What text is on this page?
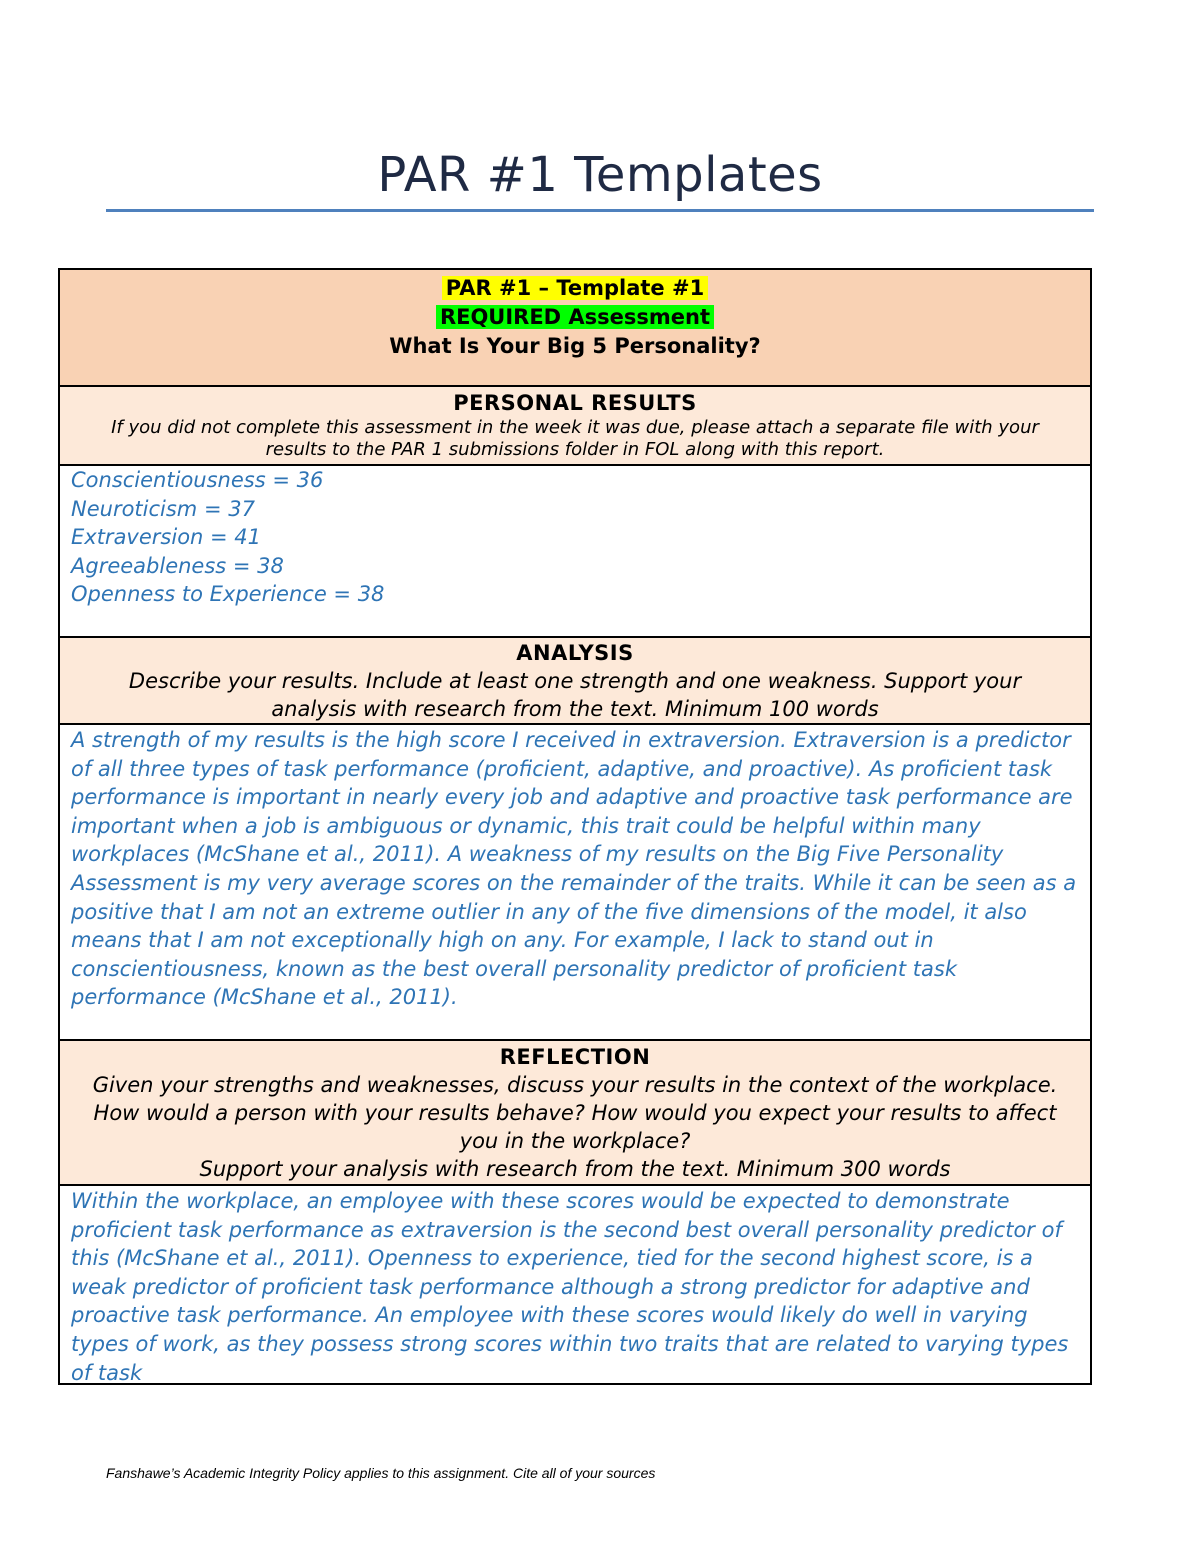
PAR #1 Templates
PAR #1 – Template #1
REQUIRED Assessment
What Is Your Big 5 Personality?
PERSONAL RESULTS
If you did not complete this assessment in the week it was due, please attach a separate file with your results to the PAR 1 submissions folder in FOL along with this report.

Conscientiousness = 36

Neuroticism = 37

Extraversion = 41

Agreeableness = 38

Openness to Experience = 38

ANALYSIS
Describe your results. Include at least one strength and one weakness. Support your analysis with research from the text. Minimum 100 words

A strength of my results is the high score I received in extraversion. Extraversion is a predictor of all three types of task performance (proficient, adaptive, and proactive). As proficient task performance is important in nearly every job and adaptive and proactive task performance are important when a job is ambiguous or dynamic, this trait could be helpful within many workplaces (McShane et al., 2011). A weakness of my results on the Big Five Personality Assessment is my very average scores on the remainder of the traits. While it can be seen as a positive that I am not an extreme outlier in any of the five dimensions of the model, it also means that I am not exceptionally high on any. For example, I lack to stand out in conscientiousness, known as the best overall personality predictor of proficient task performance (McShane et al., 2011).

REFLECTION
Given your strengths and weaknesses, discuss your results in the context of the workplace. How would a person with your results behave? How would you expect your results to affect you in the workplace?
Support your analysis with research from the text. Minimum 300 words

Within the workplace, an employee with these scores would be expected to demonstrate proficient task performance as extraversion is the second best overall personality predictor of this (McShane et al., 2011). Openness to experience, tied for the second highest score, is a weak predictor of proficient task performance although a strong predictor for adaptive and proactive task performance. An employee with these scores would likely do well in varying types of work, as they possess strong scores within two traits that are related to varying types of task

Fanshawe’s Academic Integrity Policy applies to this assignment. Cite all of your sources
